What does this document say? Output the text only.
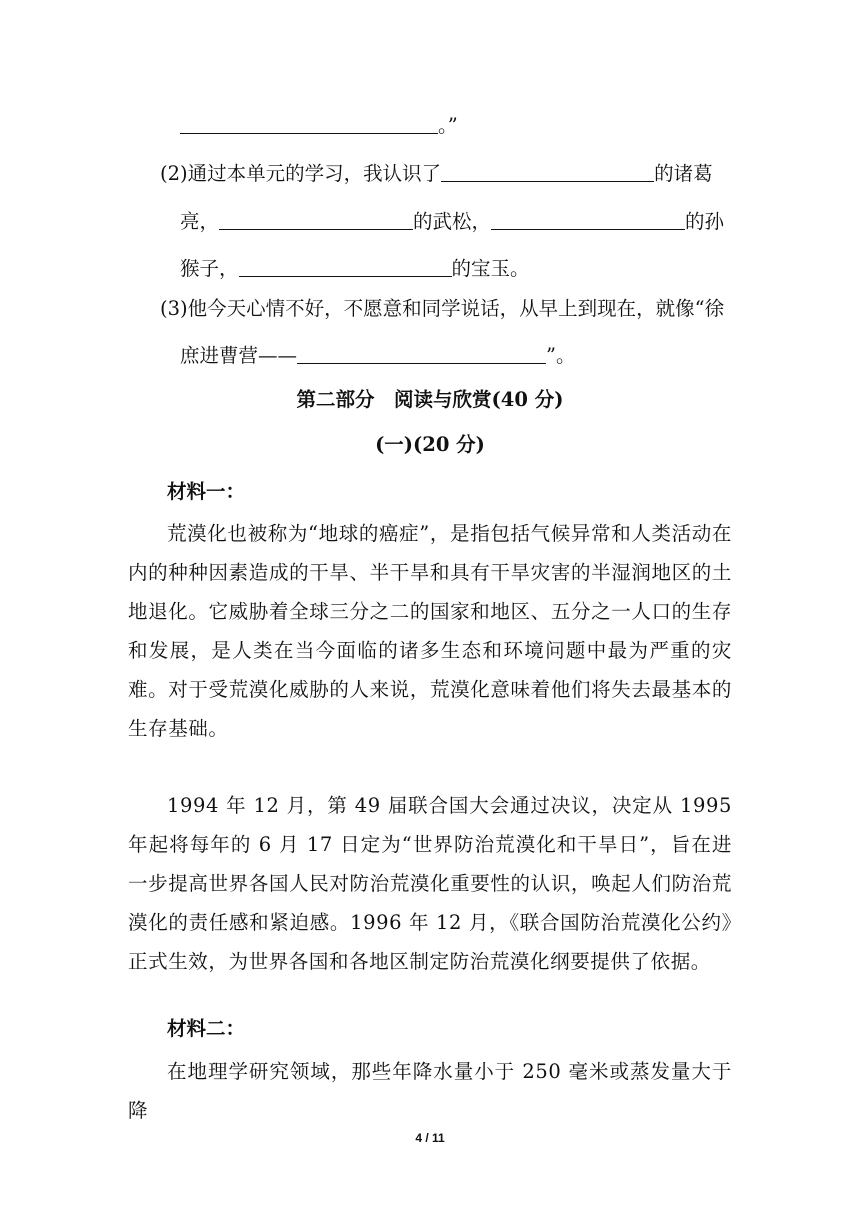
。”
(2)通过本单元的学习，我认识了	的诸葛
亮，	的武松，	的孙
猴子，	的宝玉。
(3)他今天心情不好，不愿意和同学说话，从早上到现在，就像“徐
庶进曹营——	”。
第二部分　阅读与欣赏(40 分)
(一)(20 分)
材料一：
荒漠化也被称为“地球的癌症”，是指包括气候异常和人类活动在内的种种因素造成的干旱、半干旱和具有干旱灾害的半湿润地区的土地退化。它威胁着全球三分之二的国家和地区、五分之一人口的生存和发展，是人类在当今面临的诸多生态和环境问题中最为严重的灾难。对于受荒漠化威胁的人来说，荒漠化意味着他们将失去最基本的生存基础。
1994 年 12 月，第 49 届联合国大会通过决议，决定从 1995 年起将每年的 6 月 17 日定为“世界防治荒漠化和干旱日”，旨在进一步提高世界各国人民对防治荒漠化重要性的认识，唤起人们防治荒漠化的责任感和紧迫感。1996 年 12 月，《联合国防治荒漠化公约》正式生效，为世界各国和各地区制定防治荒漠化纲要提供了依据。
材料二：
在地理学研究领域，那些年降水量小于 250 毫米或蒸发量大于降
4 / 11
